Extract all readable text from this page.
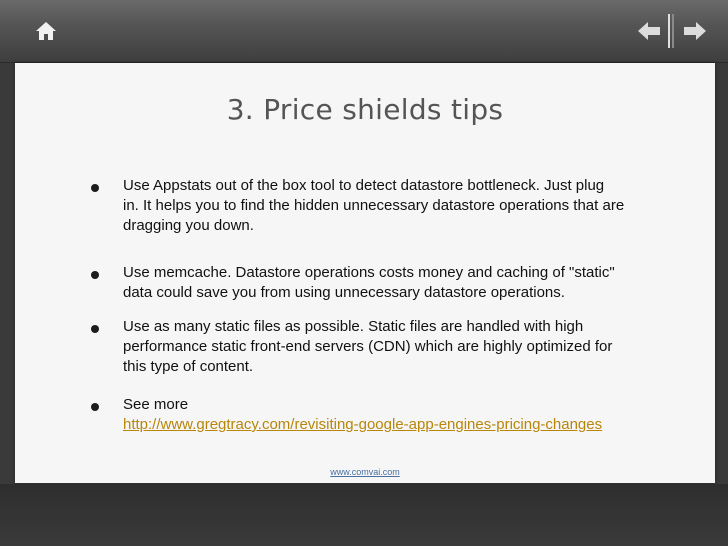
3. Price shields tips
Use Appstats out of the box tool to detect datastore bottleneck. Just plug
in. It helps you to find the hidden unnecessary datastore operations that are
dragging you down.
Use memcache. Datastore operations costs money and caching of "static"
data could save you from using unnecessary datastore operations.
Use as many static files as possible. Static files are handled with high
performance static front-end servers (CDN) which are highly optimized for
this type of content.
See more
http://www.gregtracy.com/revisiting-google-app-engines-pricing-changes
www.comvai.com
